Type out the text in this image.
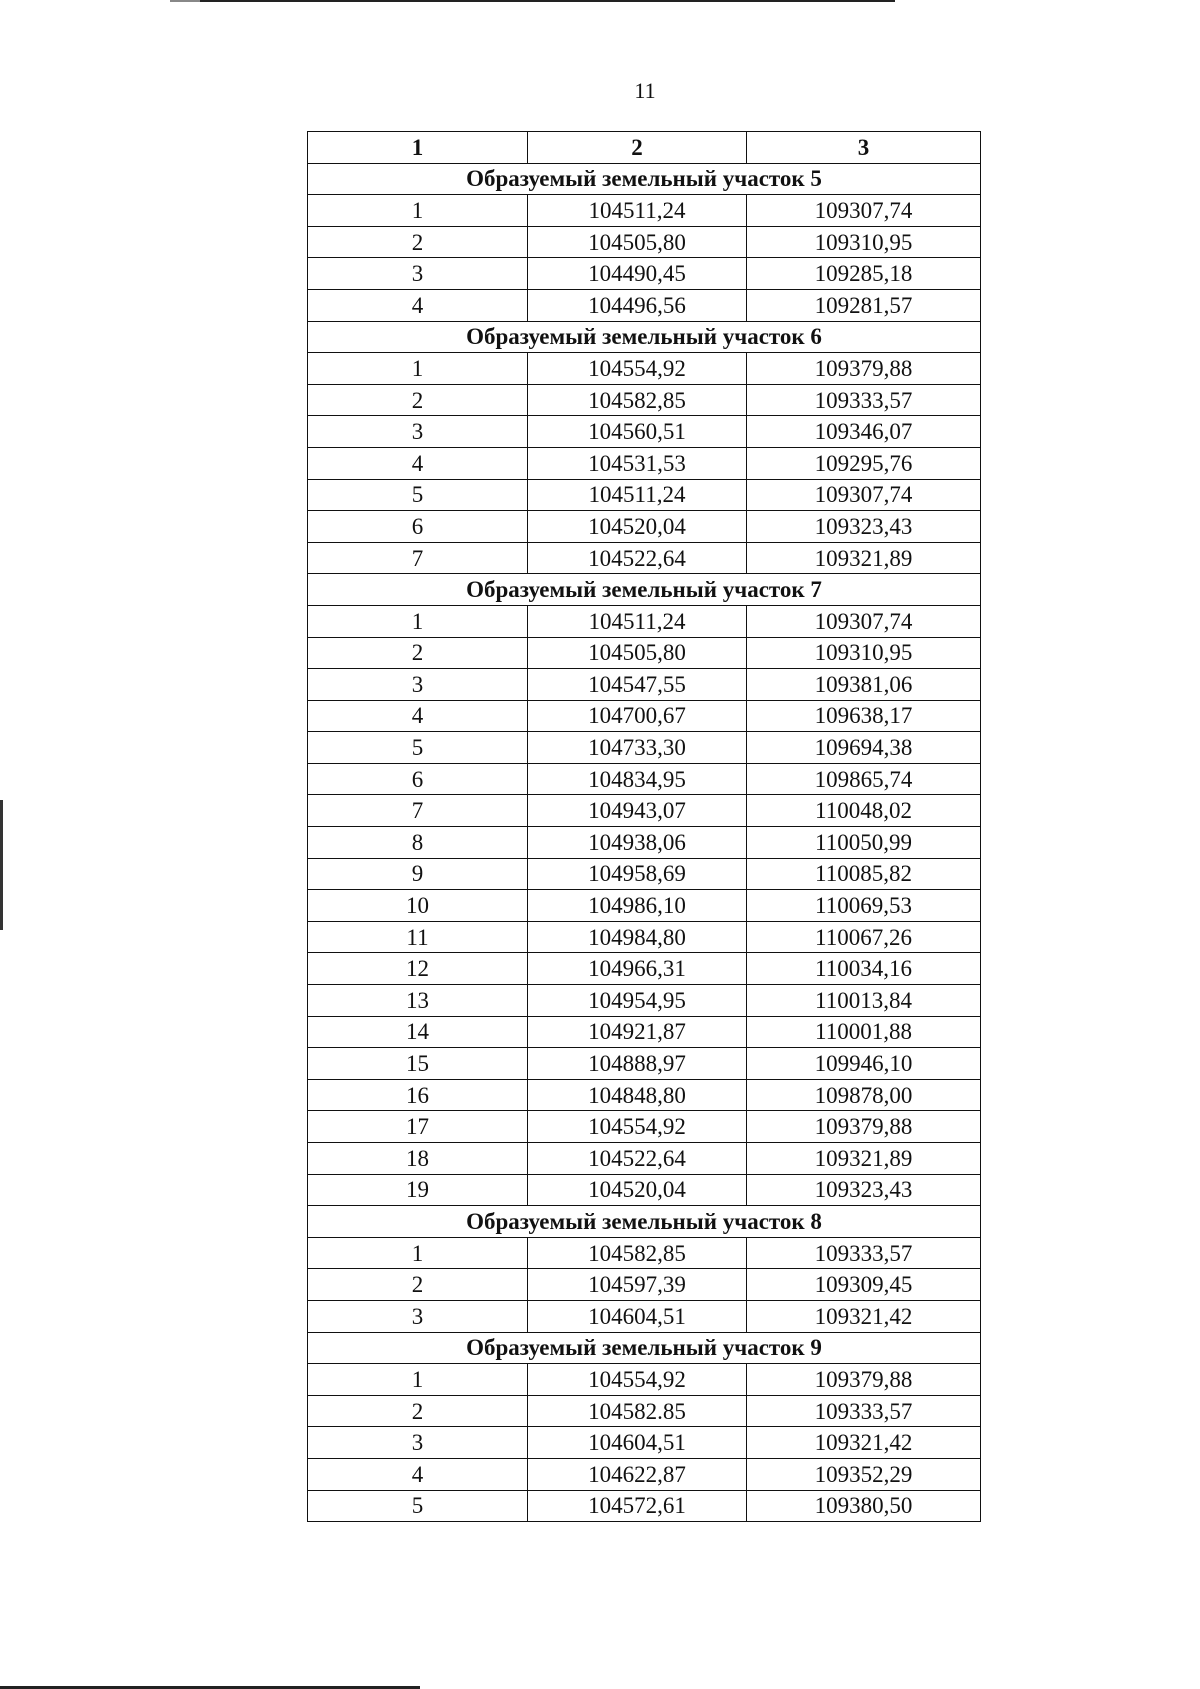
11
1	2	3
Образуемый земельный участок 5		
1	104511,24	109307,74
2	104505,80	109310,95
3	104490,45	109285,18
4	104496,56	109281,57
Образуемый земельный участок 6		
1	104554,92	109379,88
2	104582,85	109333,57
3	104560,51	109346,07
4	104531,53	109295,76
5	104511,24	109307,74
6	104520,04	109323,43
7	104522,64	109321,89
Образуемый земельный участок 7		
1	104511,24	109307,74
2	104505,80	109310,95
3	104547,55	109381,06
4	104700,67	109638,17
5	104733,30	109694,38
6	104834,95	109865,74
7	104943,07	110048,02
8	104938,06	110050,99
9	104958,69	110085,82
10	104986,10	110069,53
11	104984,80	110067,26
12	104966,31	110034,16
13	104954,95	110013,84
14	104921,87	110001,88
15	104888,97	109946,10
16	104848,80	109878,00
17	104554,92	109379,88
18	104522,64	109321,89
19	104520,04	109323,43
Образуемый земельный участок 8		
1	104582,85	109333,57
2	104597,39	109309,45
3	104604,51	109321,42
Образуемый земельный участок 9		
1	104554,92	109379,88
2	104582.85	109333,57
3	104604,51	109321,42
4	104622,87	109352,29
5	104572,61	109380,50
